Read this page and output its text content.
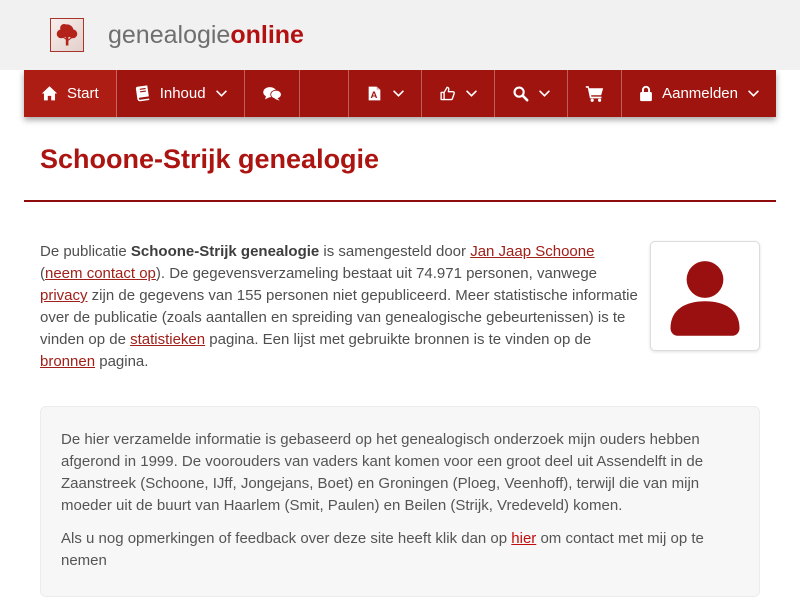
genealogieonline
Start	Inhoud	A	Aanmelden
Schoone-Strijk genealogie

De publicatie Schoone-Strijk genealogie is samengesteld door Jan Jaap Schoone (neem contact op). De gegevensverzameling bestaat uit 74.971 personen, vanwege privacy zijn de gegevens van 155 personen niet gepubliceerd. Meer statistische informatie over de publicatie (zoals aantallen en spreiding van genealogische gebeurtenissen) is te vinden op de statistieken pagina. Een lijst met gebruikte bronnen is te vinden op de bronnen pagina.

De hier verzamelde informatie is gebaseerd op het genealogisch onderzoek mijn ouders hebben afgerond in 1999. De voorouders van vaders kant komen voor een groot deel uit Assendelft in de Zaanstreek (Schoone, IJff, Jongejans, Boet) en Groningen (Ploeg, Veenhoff), terwijl die van mijn moeder uit de buurt van Haarlem (Smit, Paulen) en Beilen (Strijk, Vredeveld) komen.

Als u nog opmerkingen of feedback over deze site heeft klik dan op hier om contact met mij op te nemen
